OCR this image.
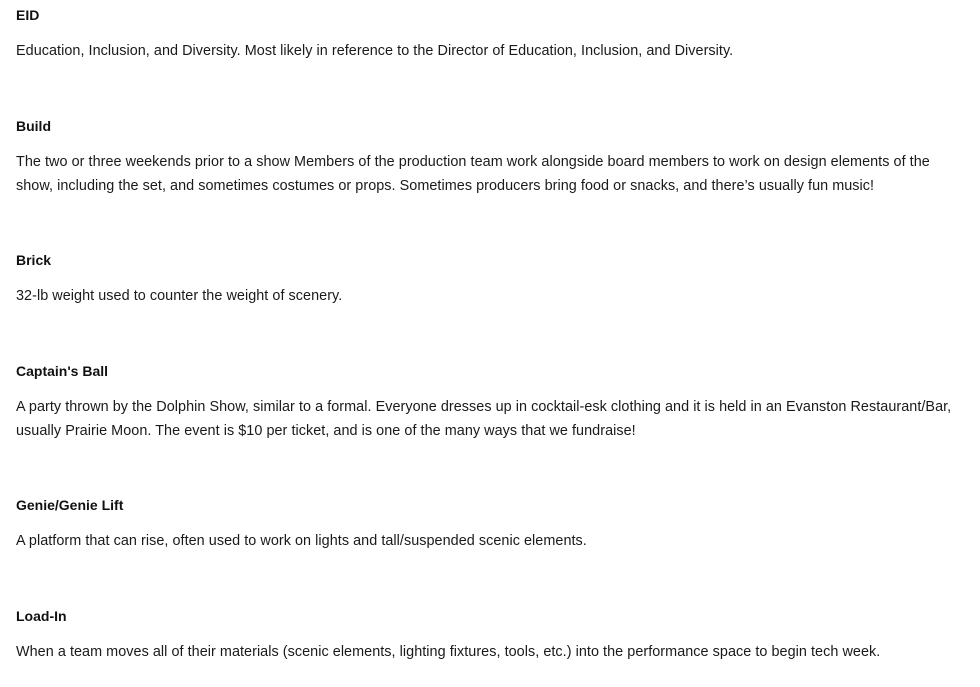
EID

Education, Inclusion, and Diversity. Most likely in reference to the Director of Education, Inclusion, and Diversity.

Build

The two or three weekends prior to a show Members of the production team work alongside board members to work on design elements of the show, including the set, and sometimes costumes or props. Sometimes producers bring food or snacks, and there’s usually fun music!

Brick

32-lb weight used to counter the weight of scenery.

Captain's Ball

A party thrown by the Dolphin Show, similar to a formal. Everyone dresses up in cocktail-esk clothing and it is held in an Evanston Restaurant/Bar, usually Prairie Moon. The event is $10 per ticket, and is one of the many ways that we fundraise!

Genie/Genie Lift

A platform that can rise, often used to work on lights and tall/suspended scenic elements.

Load-In

When a team moves all of their materials (scenic elements, lighting fixtures, tools, etc.) into the performance space to begin tech week.
